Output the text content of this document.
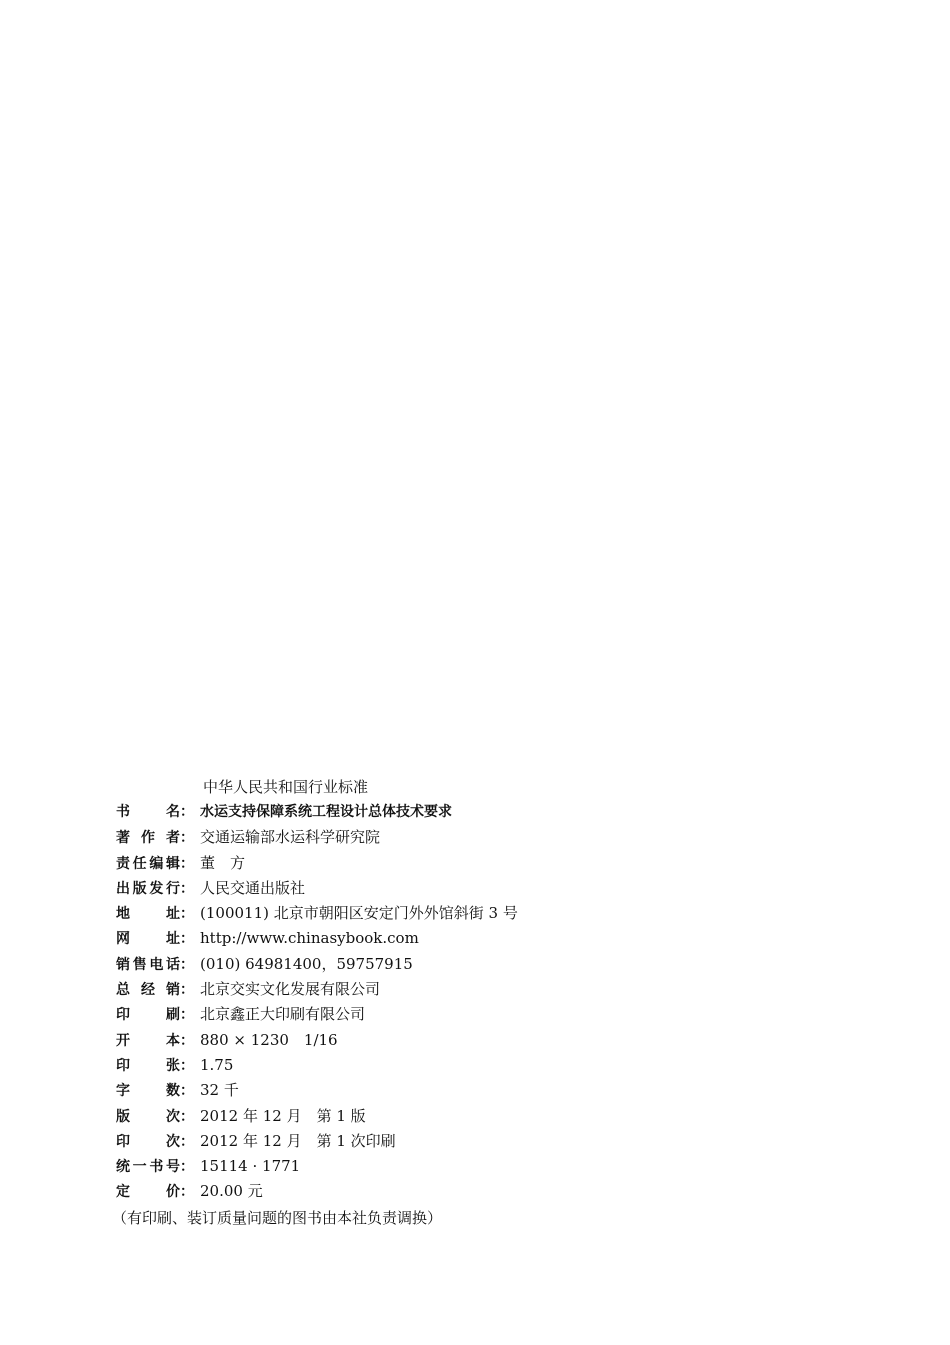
中华人民共和国行业标准
书	名 ： 水运支持保障系统工程设计总体技术要求
著 作 者 ： 交通运输部水运科学研究院
责 任 编 辑 ： 董　方
出 版 发 行 ： 人民交通出版社
地	址 ： (100011) 北京市朝阳区安定门外外馆斜街 3 号
网	址 ： http://www.chinasybook.com
销 售 电 话 ： (010) 64981400，59757915
总 经 销 ： 北京交实文化发展有限公司
印	刷 ： 北京鑫正大印刷有限公司
开	本 ： 880 × 1230　1/16
印	张 ： 1.75
字	数 ： 32 千
版	次 ： 2012 年 12 月　第 1 版
印	次 ： 2012 年 12 月　第 1 次印刷
统 一 书 号 ： 15114 · 1771
定	价 ： 20.00 元
（有印刷、装订质量问题的图书由本社负责调换）
